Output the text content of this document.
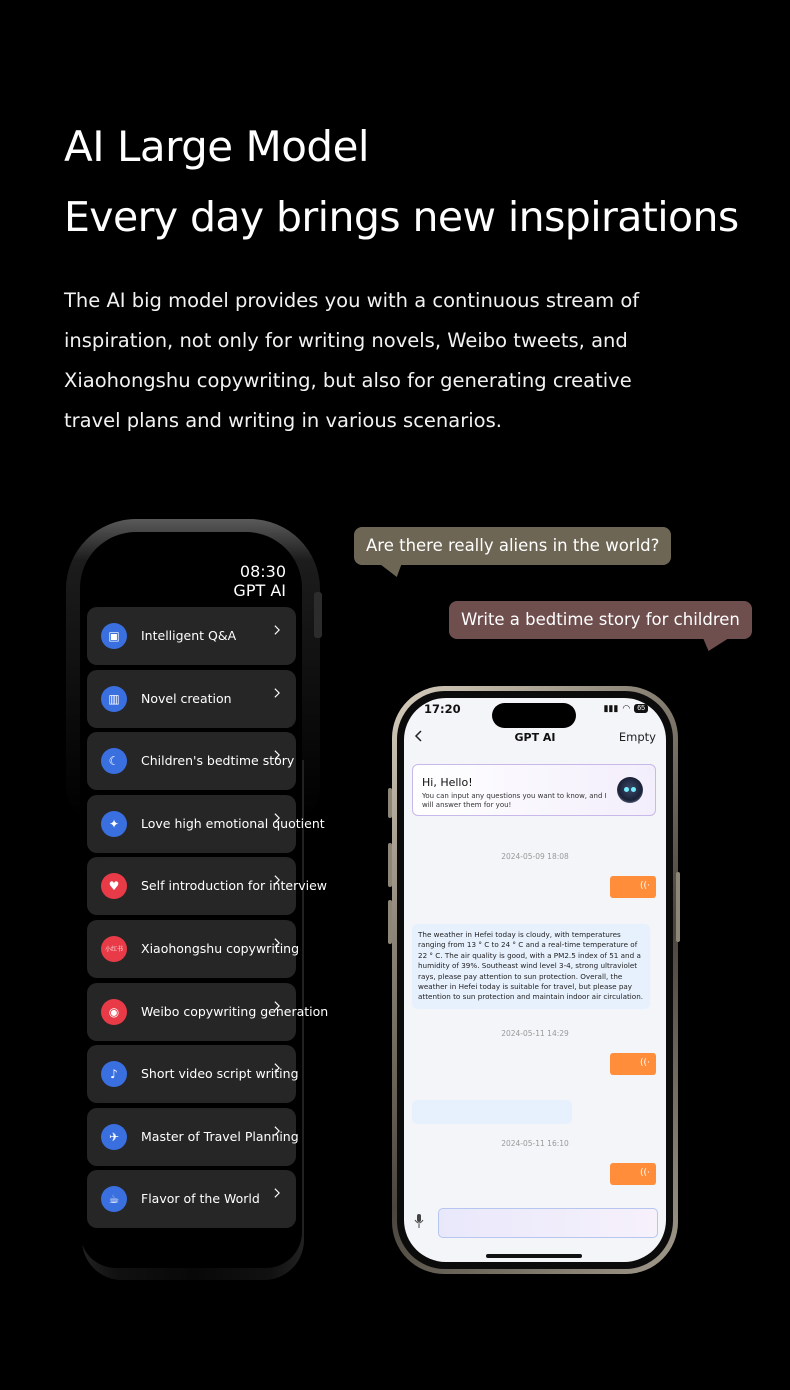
AI Large Model
Every day brings new inspirations

The AI big model provides you with a continuous stream of inspiration, not only for writing novels, Weibo tweets, and Xiaohongshu copywriting, but also for generating creative travel plans and writing in various scenarios.

08:30
GPT AI
▣	Intelligent Q&A
▥	Novel creation
☾	Children's bedtime story
✦	Love high emotional quotient
♥	Self introduction for interview
小红书	Xiaohongshu copywriting
◉	Weibo copywriting generation
♪	Short video script writing
✈	Master of Travel Planning
☕	Flavor of the World
Are there really aliens in the world?
Write a bedtime story for children
17:20	▮▮▮ ◠	65
GPT AI	Empty
Hi, Hello!
You can input any questions you want to know, and I will answer them for you!
2024-05-09 18:08
((·
The weather in Hefei today is cloudy, with temperatures ranging from 13 ° C to 24 ° C and a real-time temperature of 22 ° C. The air quality is good, with a PM2.5 index of 51 and a humidity of 39%. Southeast wind level 3-4, strong ultraviolet rays, please pay attention to sun protection. Overall, the weather in Hefei today is suitable for travel, but please pay attention to sun protection and maintain indoor air circulation.
2024-05-11 14:29
((·
2024-05-11 16:10
((·
